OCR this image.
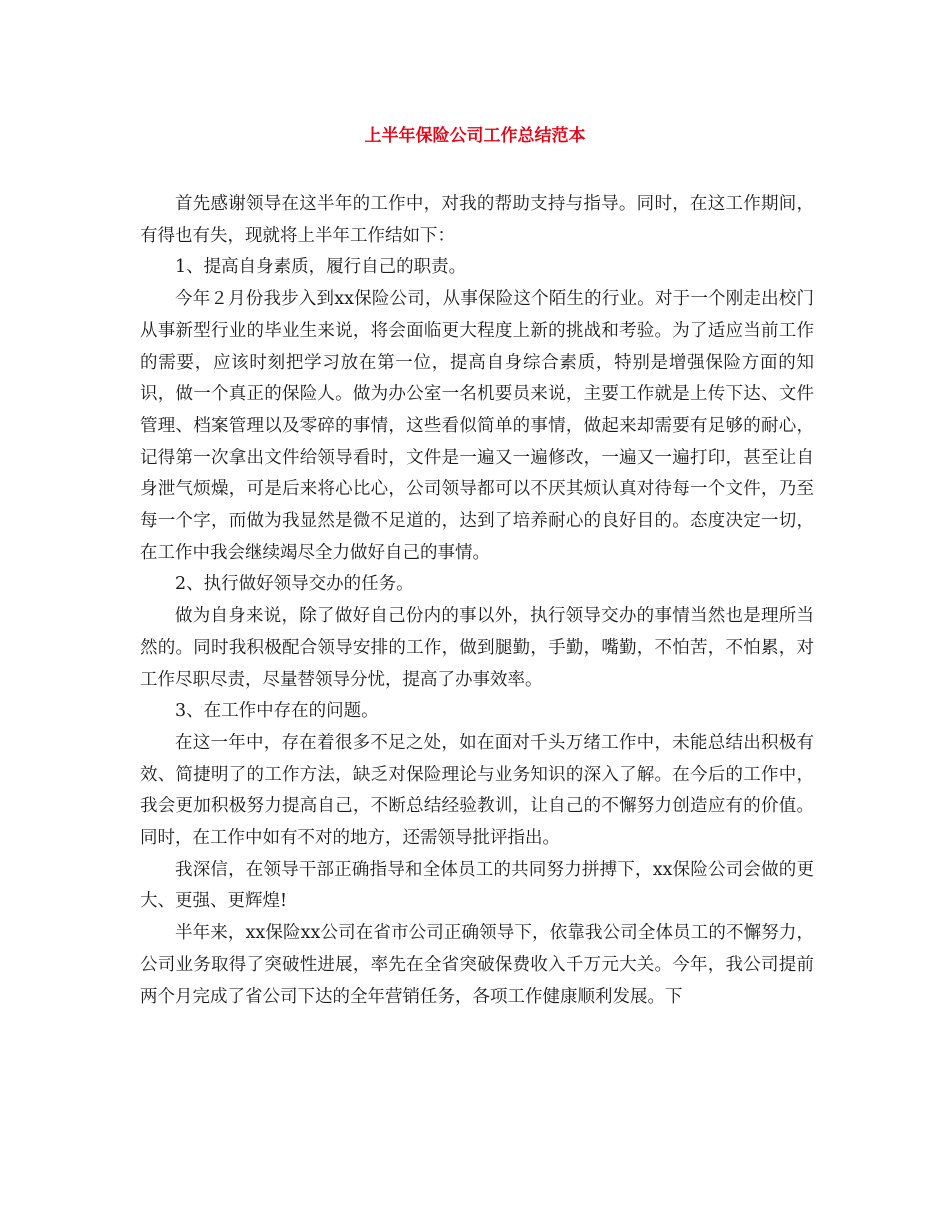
上半年保险公司工作总结范本

首先感谢领导在这半年的工作中，对我的帮助支持与指导。同时，在这工作期间，有得也有失，现就将上半年工作结如下：

1、提高自身素质，履行自己的职责。

今年２月份我步入到xx保险公司，从事保险这个陌生的行业。对于一个刚走出校门从事新型行业的毕业生来说，将会面临更大程度上新的挑战和考验。为了适应当前工作的需要，应该时刻把学习放在第一位，提高自身综合素质，特别是增强保险方面的知识，做一个真正的保险人。做为办公室一名机要员来说，主要工作就是上传下达、文件管理、档案管理以及零碎的事情，这些看似简单的事情，做起来却需要有足够的耐心，记得第一次拿出文件给领导看时，文件是一遍又一遍修改，一遍又一遍打印，甚至让自身泄气烦燥，可是后来将心比心，公司领导都可以不厌其烦认真对待每一个文件，乃至每一个字，而做为我显然是微不足道的，达到了培养耐心的良好目的。态度决定一切，在工作中我会继续竭尽全力做好自己的事情。

2、执行做好领导交办的任务。

做为自身来说，除了做好自己份内的事以外，执行领导交办的事情当然也是理所当然的。同时我积极配合领导安排的工作，做到腿勤，手勤，嘴勤，不怕苦，不怕累，对工作尽职尽责，尽量替领导分忧，提高了办事效率。

3、在工作中存在的问题。

在这一年中，存在着很多不足之处，如在面对千头万绪工作中，未能总结出积极有效、简捷明了的工作方法，缺乏对保险理论与业务知识的深入了解。在今后的工作中，我会更加积极努力提高自己，不断总结经验教训，让自己的不懈努力创造应有的价值。同时，在工作中如有不对的地方，还需领导批评指出。

我深信，在领导干部正确指导和全体员工的共同努力拼搏下，xx保险公司会做的更大、更强、更辉煌!

半年来，xx保险xx公司在省市公司正确领导下，依靠我公司全体员工的不懈努力，公司业务取得了突破性进展，率先在全省突破保费收入千万元大关。今年，我公司提前两个月完成了省公司下达的全年营销任务，各项工作健康顺利发展。下
